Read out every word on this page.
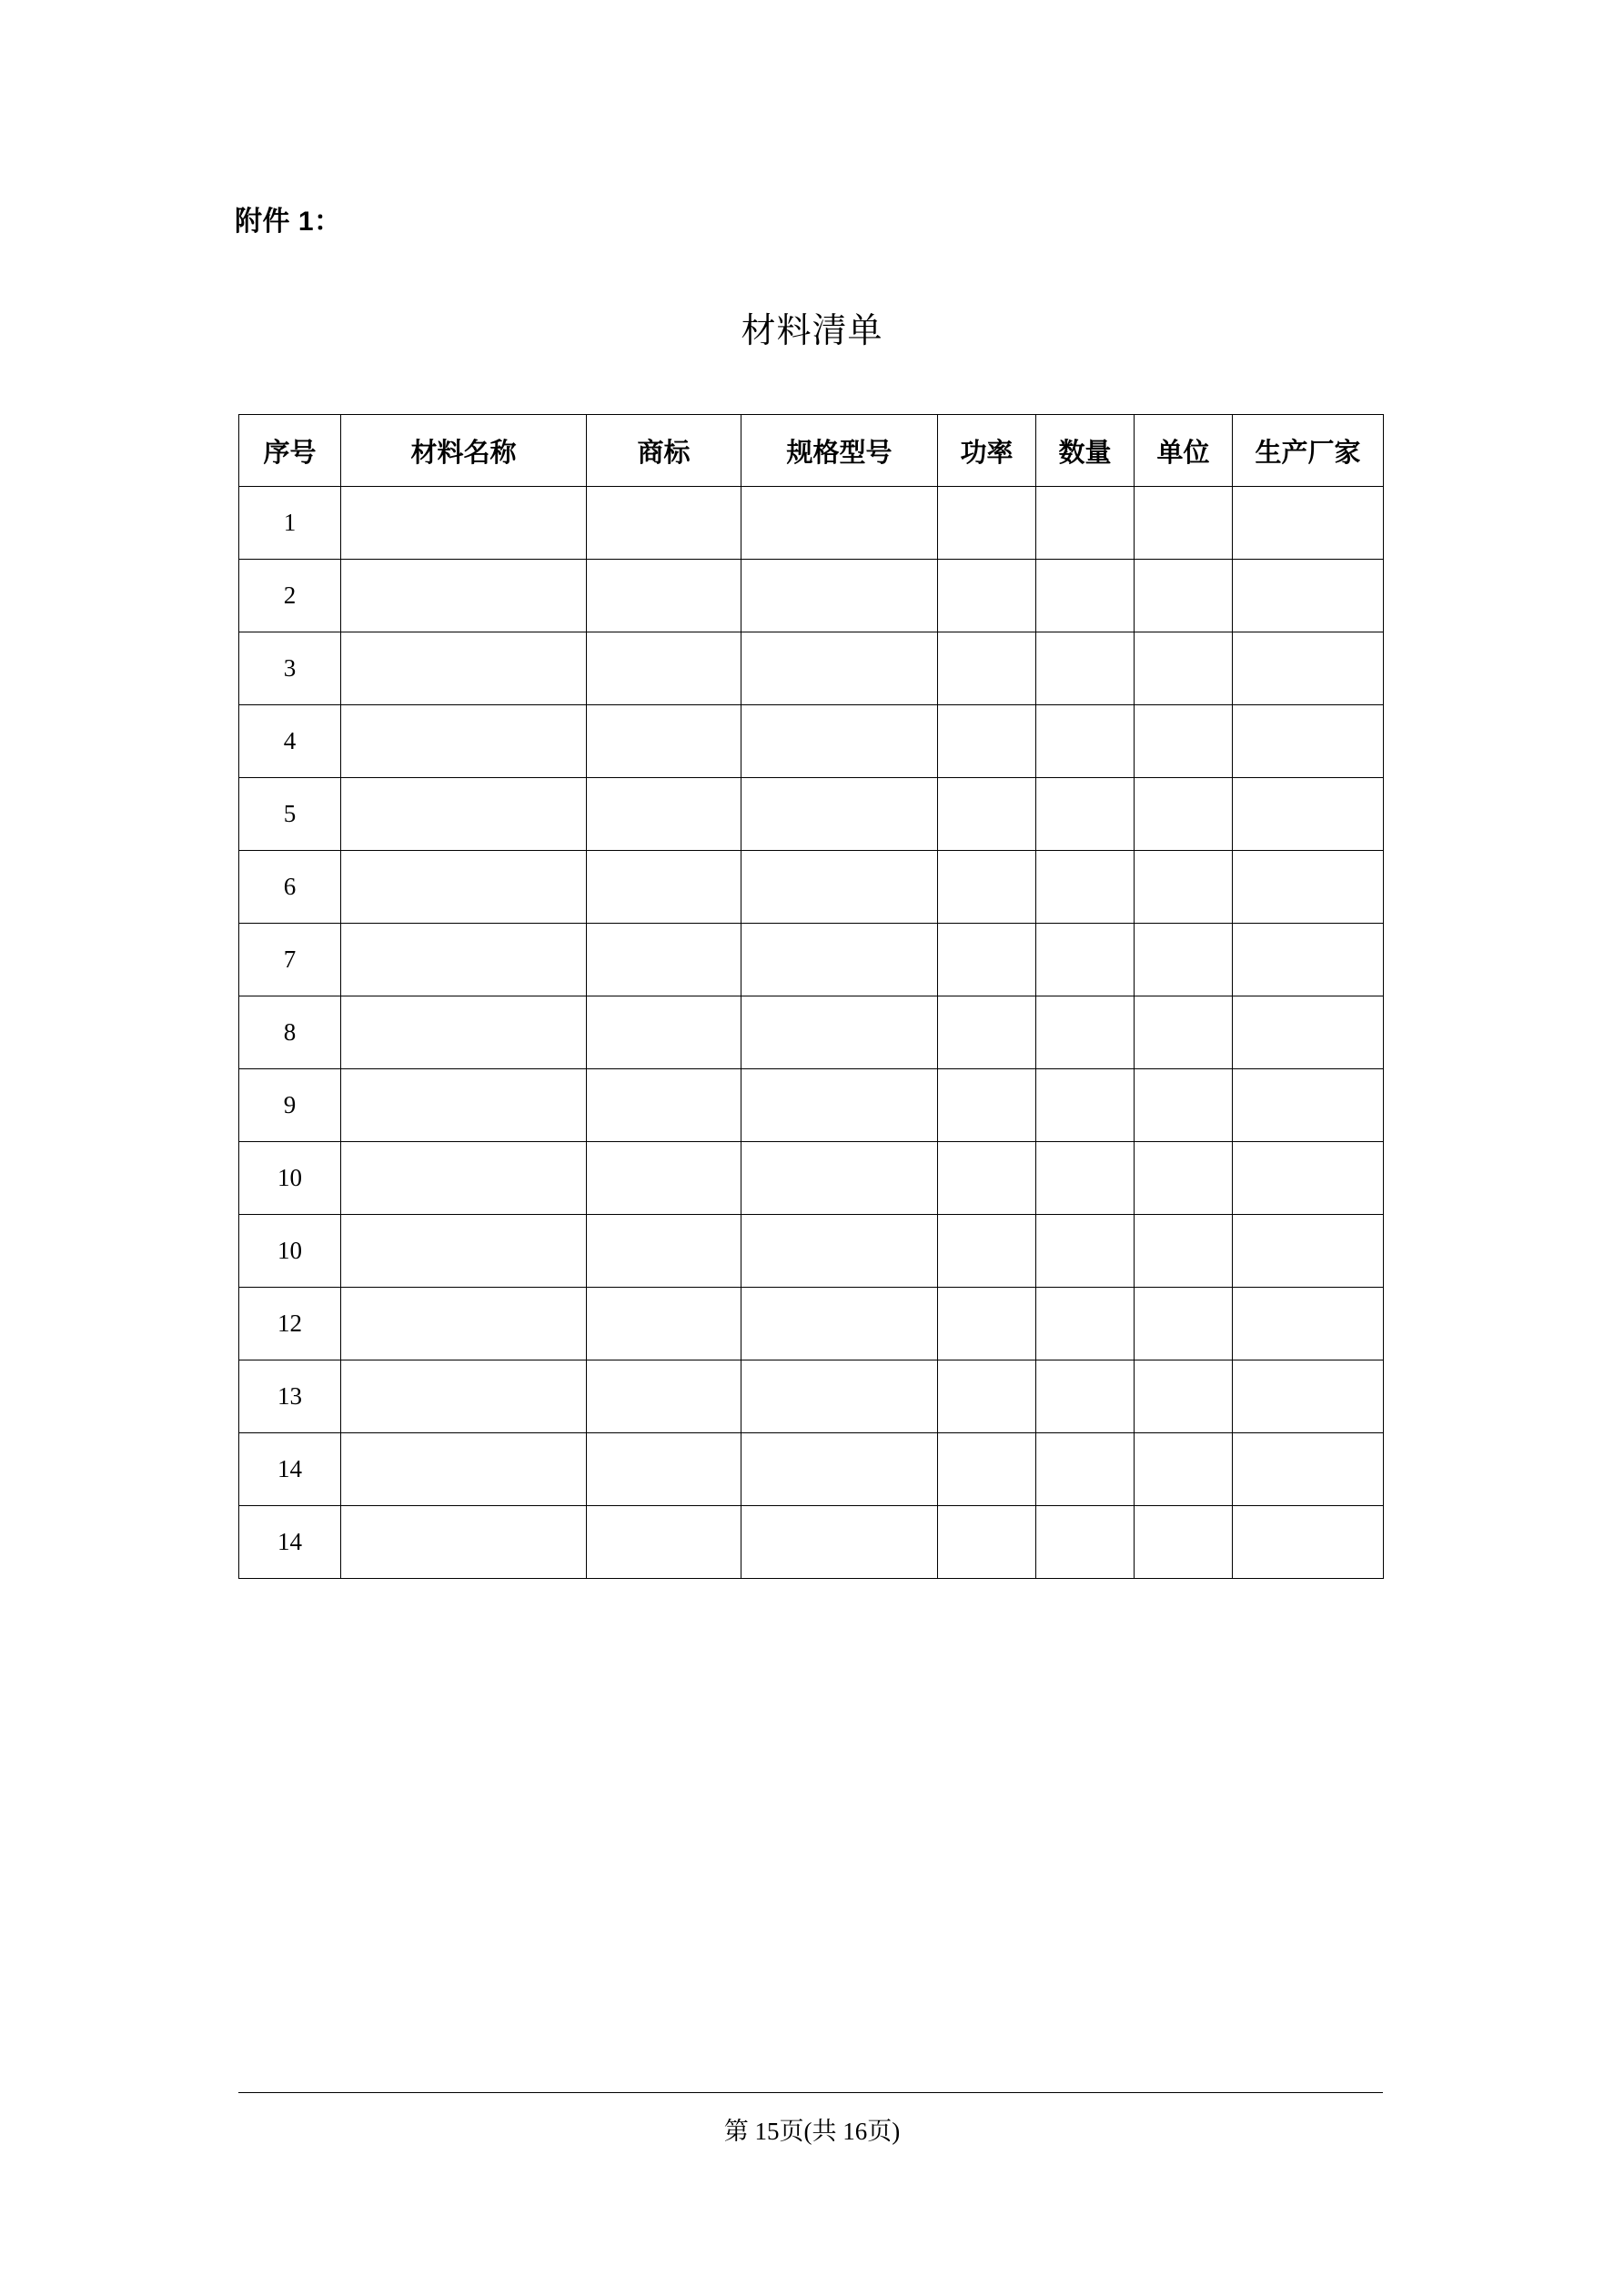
附件 1：
材料清单
序号	材料名称	商标	规格型号	功率	数量	单位	生产厂家
1							
2							
3							
4							
5							
6							
7							
8							
9							
10							
10							
12							
13							
14							
14							
第 15页(共 16页)
